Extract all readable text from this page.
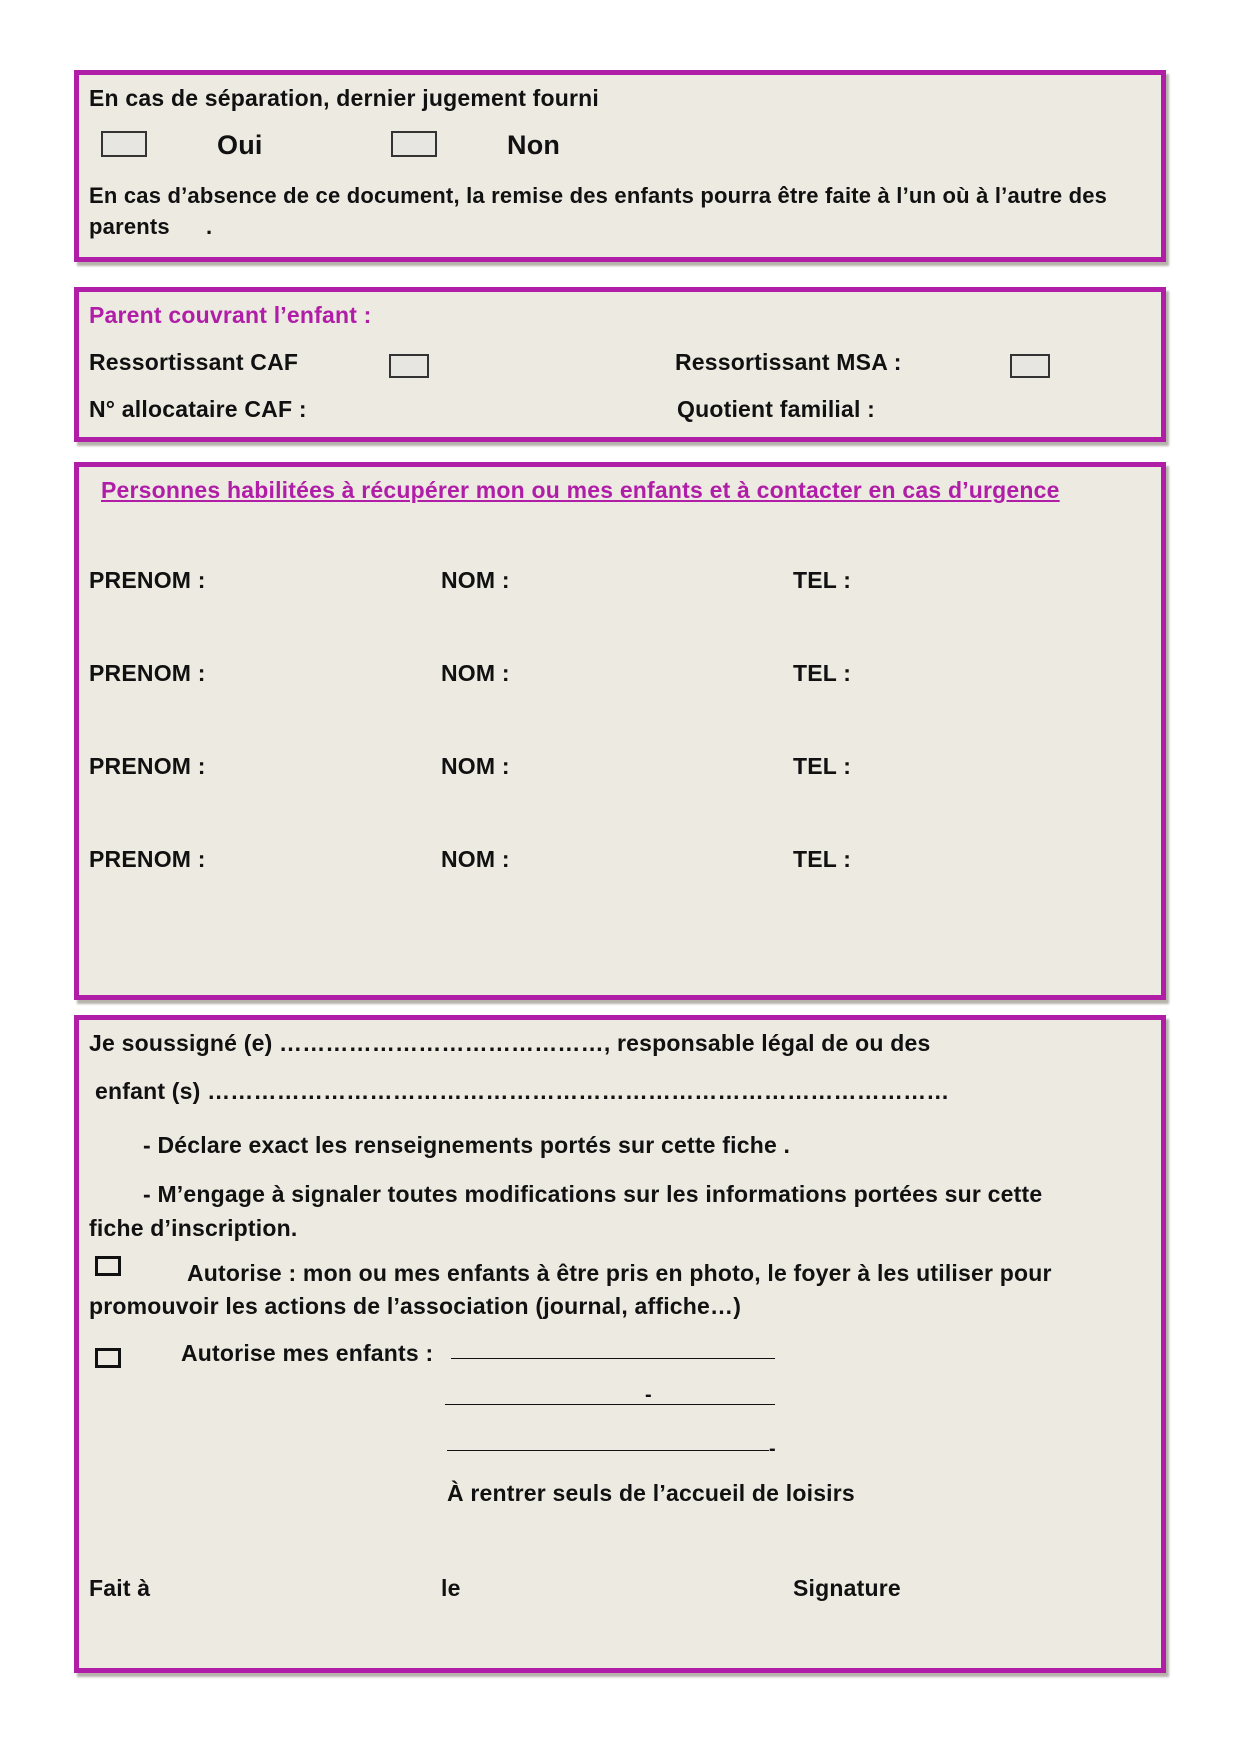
En cas de séparation, dernier jugement fourni
Oui	Non
En cas d’absence de ce document, la remise des enfants pourra être faite à l’un où à l’autre des
parents .
Parent couvrant l’enfant :
Ressortissant CAF	Ressortissant MSA :
N° allocataire CAF :	Quotient familial :
Personnes habilitées à récupérer mon ou mes enfants et à contacter en cas d’urgence
PRENOM :	NOM :	TEL :
PRENOM :	NOM :	TEL :
PRENOM :	NOM :	TEL :
PRENOM :	NOM :	TEL :
Je soussigné (e) ……………………………………, responsable légal de ou des
enfant (s) ……………………………………………………………………………………
- Déclare exact les renseignements portés sur cette fiche .
- M’engage à signaler toutes modifications sur les informations portées sur cette
fiche d’inscription.
Autorise : mon ou mes enfants à être pris en photo, le foyer à les utiliser pour
promouvoir les actions de l’association (journal, affiche…)
Autorise mes enfants :
-
-
À rentrer seuls de l’accueil de loisirs
Fait à	le	Signature
